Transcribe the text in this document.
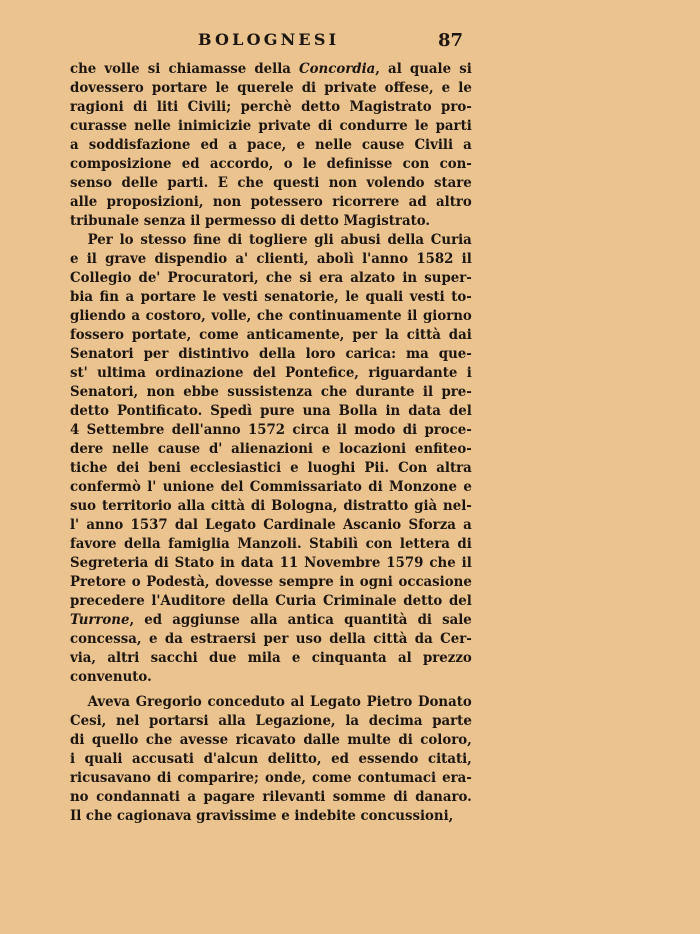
BOLOGNESI	87
che volle si chiamasse della Concordia, al quale si
dovessero portare le querele di private offese, e le
ragioni di liti Civili; perchè detto Magistrato pro-
curasse nelle inimicizie private di condurre le parti
a soddisfazione ed a pace, e nelle cause Civili a
composizione ed accordo, o le definisse con con-
senso delle parti. E che questi non volendo stare
alle proposizioni, non potessero ricorrere ad altro
tribunale senza il permesso di detto Magistrato.
Per lo stesso fine di togliere gli abusi della Curia
e il grave dispendio a' clienti, abolì l'anno 1582 il
Collegio de' Procuratori, che si era alzato in super-
bia fin a portare le vesti senatorie, le quali vesti to-
gliendo a costoro, volle, che continuamente il giorno
fossero portate, come anticamente, per la città dai
Senatori per distintivo della loro carica: ma que-
st' ultima ordinazione del Pontefice, riguardante i
Senatori, non ebbe sussistenza che durante il pre-
detto Pontificato. Spedì pure una Bolla in data del
4 Settembre dell'anno 1572 circa il modo di proce-
dere nelle cause d' alienazioni e locazioni enfiteo-
tiche dei beni ecclesiastici e luoghi Pii. Con altra
confermò l' unione del Commissariato di Monzone e
suo territorio alla città di Bologna, distratto già nel-
l' anno 1537 dal Legato Cardinale Ascanio Sforza a
favore della famiglia Manzoli. Stabilì con lettera di
Segreteria di Stato in data 11 Novembre 1579 che il
Pretore o Podestà, dovesse sempre in ogni occasione
precedere l'Auditore della Curia Criminale detto del
Turrone, ed aggiunse alla antica quantità di sale
concessa, e da estraersi per uso della città da Cer-
via, altri sacchi due mila e cinquanta al prezzo
convenuto.
Aveva Gregorio conceduto al Legato Pietro Donato
Cesi, nel portarsi alla Legazione, la decima parte
di quello che avesse ricavato dalle multe di coloro,
i quali accusati d'alcun delitto, ed essendo citati,
ricusavano di comparire; onde, come contumaci era-
no condannati a pagare rilevanti somme di danaro.
Il che cagionava gravissime e indebite concussioni,
